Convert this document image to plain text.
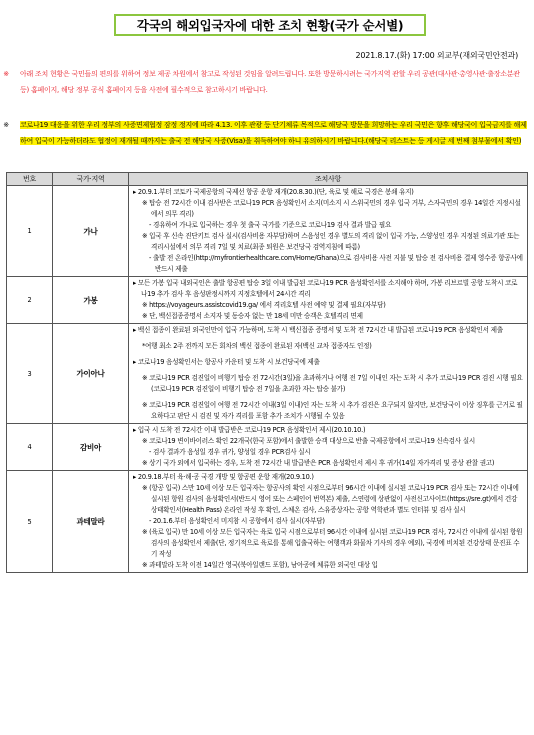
각국의 해외입국자에 대한 조치 현황(국가 순서별)
2021.8.17.(화) 17:00 외교부(재외국민안전과)
※ 아래 조치 현황은 국민들의 편의를 위하여 정보 제공 차원에서 참고로 작성된 것임을 알려드립니다. 또한 방문하시려는 국가지역 관할 우리 공관(대사관·총영사관·출장소분관 등) 홈페이지, 해당 정부 공식 홈페이지 등을 사전에 필수적으로 참고하시기 바랍니다.
※ 코로나19 대응을 위한 우리 정부의 사증면제협정 잠정 정지에 따라 4.13. 이후 관광 등 단기체류 목적으로 해당국 방문을 희망하는 우리 국민은 향후 해당국이 입국금지를 해제하여 입국이 가능하더라도 협정이 재개될 때까지는 출국 전 해당국 사증(Visa)을 취득하여야 하니 유의하시기 바랍니다.(해당국 리스트는 등 게시글 세 번째 첨부물에서 확인)
번호	국가·지역	조치사항
1	가나	▸ 20.9.1.부터 코토카 국제공항의 국제선 항공 운항 재개(20.8.30.)(단, 육로 및 해로 국경은 봉쇄 유지)
※ 탑승 전 72시간 이내 검사받은 코로나19 PCR 음성확인서 소지(미소지 시 스위국민의 경우 입국 거부, 스자국민의 경우 14일간 지정시설에서 의무 격리)
- 경유하여 가나로 입국하는 경우 첫 출국 국가를 기준으로 코로나19 검사 결과 발급 필요
※ 입국 후 신속 진단키트 검사 실시(검사비용 자부담)하며 스음성인 경우 별도의 격리 없이 입국 가능, 스양성인 경우 지정된 의료기관 또는 격리시설에서 의무 격리 7일 및 치료(최종 퇴원은 보건당국 검역지침에 따름)
- 출발 전 온라인(http://myfrontierhealthcare.com/Home/Ghana)으로 검사비용 사전 지불 및 탑승 전 검사비용 결제 영수증 항공사에 반드시 제출

2	가봉	▸ 모든 가봉 입국 내외국인은 출발 항공편 탑승 3일 이내 발급된 코로나19 PCR 음성확인서를 소지해야 하며, 가봉 리브르빌 공항 도착시 코로나19 추가 검사 후 음성판정시까지 지정호텔에서 24시간 격리
※ https://voyageurs.assistcovid19.ga/ 에서 격리호텔 사전 예약 및 결제 필요(자부담)
※ 단, 백신접종증명서 소지자 및 동승자 없는 만 18세 미만 승객은 호텔격리 면제

3	가이아나	▸ 백신 접종이 완료된 외국인만이 입국 가능하며, 도착 시 백신접종 증명서 및 도착 전 72시간 내 발급된 코로나19 PCR 음성확인서 제출
*여행 최소 2주 전까지 모든 회차의 백신 접종이 완료된 자(백신 교차 접종자도 인정)
▸ 코로나19 음성확인서는 항공사 카운터 및 도착 시 보건당국에 제출
※ 코로나19 PCR 검진일이 비행기 탑승 전 72시간(3일)을 초과하거나 여행 전 7일 이내인 자는 도착 시 추가 코로나19 PCR 검진 시행 필요 (코로나19 PCR 검진일이 비행기 탑승 전 7일을 초과한 자는 탑승 불가)
※ 코로나19 PCR 검진일이 여행 전 72시간 이내(3일 이내)인 자는 도착 시 추가 검진은 요구되지 않지만, 보건당국이 이상 징후를 근거로 필요하다고 판단 시 검진 및 자가 격리를 포함 추가 조치가 시행될 수 있음

4	감비아	▸ 입국 시 도착 전 72시간 이내 발급받은 코로나19 PCR 음성확인서 제시(20.10.10.)
※ 코로나19 변이바이러스 확인 22개국(한국 포함)에서 출발한 승객 대상으로 반출 국제공항에서 코로나19 신속검사 실시
- 검사 결과가 음성일 경우 귀가, 양성일 경우 PCR검사 실시
※ 상기 국가 외에서 입국하는 경우, 도착 전 72시간 내 발급받은 PCR 음성확인서 제시 후 귀가(14일 자가격리 및 증상 관찰 권고)

5	과테말라	▸ 20.9.18.부터 육·해·공 국경 개방 및 항공편 운항 재개(20.9.10.)
※ (항공 입국) 스만 10세 이상 모든 입국자는 항공사의 확인 시점으로부터 96시간 이내에 실시된 코로나19 PCR 검사 또는 72시간 이내에 실시된 항원 검사의 음성확인서(반드시 영어 또는 스페인어 번역본) 제출, 스연령에 상관없이 사전신고사이트(https://sre.gt)에서 건강상태확인서(Health Pass) 온라인 작성 후 확인, 스체온 검사, 스유증상자는 공항 역학관과 별도 인터뷰 및 검사 실시
- 20.1.6.부터 음성확인서 미지참 시 공항에서 검사 실시(자부담)
※ (육로 입국) 만 10세 이상 모든 입국자는 육로 입국 시점으로부터 96시간 이내에 실시된 코로나19 PCR 검사, 72시간 이내에 실시된 항원 검사의 음성확인서 제출(단, 정기적으로 육로를 통해 입출국하는 여행객과 화물차 기사의 경우 예외), 국경에 비치된 건강상태 문진표 수기 작성
※ 과테말라 도착 이전 14일간 영국(북아일랜드 포함), 남아공에 체류한 외국인 대상 입
